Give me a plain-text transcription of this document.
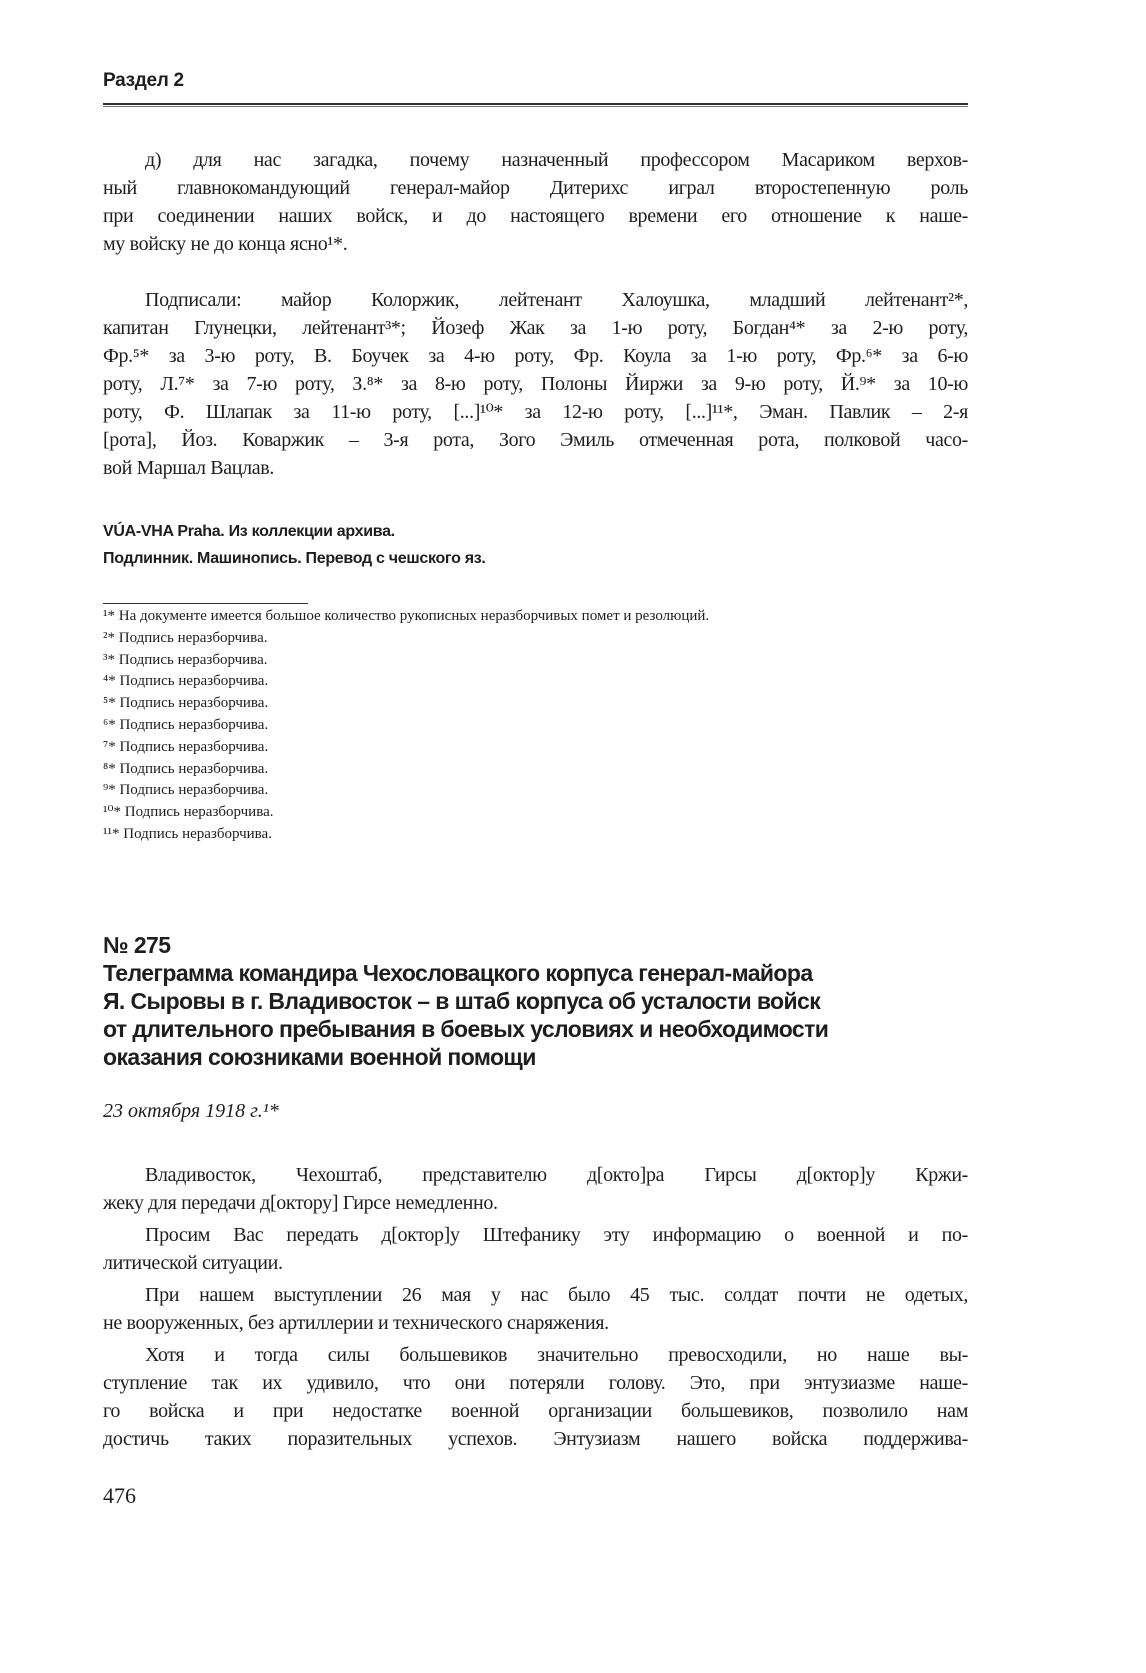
Раздел 2
д) для нас загадка, почему назначенный профессором Масариком верхов-
ный главнокомандующий генерал-майор Дитерихс играл второстепенную роль
при соединении наших войск, и до настоящего времени его отношение к наше-
му войску не до конца ясно¹*.
Подписали: майор Колоржик, лейтенант Халоушка, младший лейтенант²*,
капитан Глунецки, лейтенант³*; Йозеф Жак за 1-ю роту, Богдан⁴* за 2-ю роту,
Фр.⁵* за 3-ю роту, В. Боучек за 4-ю роту, Фр. Коула за 1-ю роту, Фр.⁶* за 6-ю
роту, Л.⁷* за 7-ю роту, З.⁸* за 8-ю роту, Полоны Йиржи за 9-ю роту, Й.⁹* за 10-ю
роту, Ф. Шлапак за 11-ю роту, [...]¹⁰* за 12-ю роту, [...]¹¹*, Эман. Павлик – 2-я
[рота], Йоз. Коваржик – 3-я рота, Зого Эмиль отмеченная рота, полковой часо-
вой Маршал Вацлав.
VÚA-VHA Praha. Из коллекции архива.
Подлинник. Машинопись. Перевод с чешского яз.
¹* На документе имеется большое количество рукописных неразборчивых помет и резолюций.
²* Подпись неразборчива.
³* Подпись неразборчива.
⁴* Подпись неразборчива.
⁵* Подпись неразборчива.
⁶* Подпись неразборчива.
⁷* Подпись неразборчива.
⁸* Подпись неразборчива.
⁹* Подпись неразборчива.
¹⁰* Подпись неразборчива.
¹¹* Подпись неразборчива.
№ 275
Телеграмма командира Чехословацкого корпуса генерал-майора
Я. Сыровы в г. Владивосток – в штаб корпуса об усталости войск
от длительного пребывания в боевых условиях и необходимости
оказания союзниками военной помощи
23 октября 1918 г.¹*
Владивосток, Чехоштаб, представителю д[окто]ра Гирсы д[октор]у Кржи-
жеку для передачи д[октору] Гирсе немедленно.
Просим Вас передать д[октор]у Штефанику эту информацию о военной и по-
литической ситуации.
При нашем выступлении 26 мая у нас было 45 тыс. солдат почти не одетых,
не вооруженных, без артиллерии и технического снаряжения.
Хотя и тогда силы большевиков значительно превосходили, но наше вы-
ступление так их удивило, что они потеряли голову. Это, при энтузиазме наше-
го войска и при недостатке военной организации большевиков, позволило нам
достичь таких поразительных успехов. Энтузиазм нашего войска поддержива-
476
